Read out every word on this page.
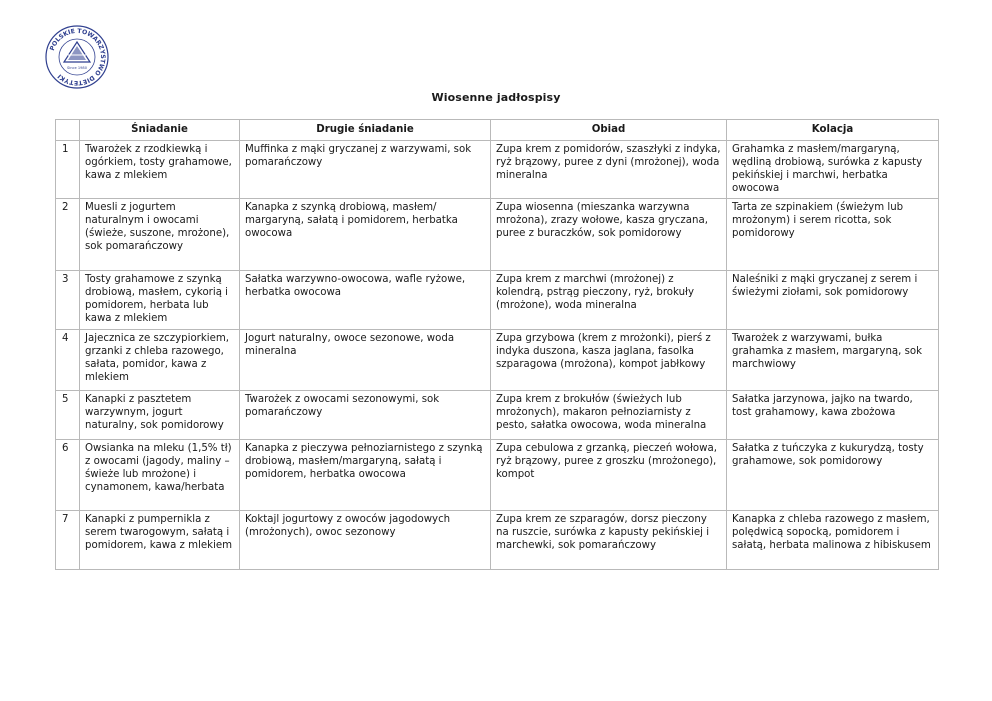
POLSKIE TOWARZYSTWO DIETETYKI
Since 1980
Wiosenne jadłospisy
	Śniadanie	Drugie śniadanie	Obiad	Kolacja
1	Twarożek z rzodkiewką i ogórkiem, tosty grahamowe, kawa z mlekiem	Muffinka z mąki gryczanej z warzywami, sok pomarańczowy	Zupa krem z pomidorów, szaszłyki z indyka, ryż brązowy, puree z dyni (mrożonej), woda mineralna	Grahamka z masłem/margaryną, wędliną drobiową, surówka z kapusty pekińskiej i marchwi, herbatka owocowa
2	Muesli z jogurtem naturalnym i owocami (świeże, suszone, mrożone), sok pomarańczowy	Kanapka z szynką drobiową, masłem/ margaryną, sałatą i pomidorem, herbatka owocowa	Zupa wiosenna (mieszanka warzywna mrożona), zrazy wołowe, kasza gryczana, puree z buraczków, sok pomidorowy	Tarta ze szpinakiem (świeżym lub mrożonym) i serem ricotta, sok pomidorowy
3	Tosty grahamowe z szynką drobiową, masłem, cykorią i pomidorem, herbata lub kawa z mlekiem	Sałatka warzywno-owocowa, wafle ryżowe, herbatka owocowa	Zupa krem z marchwi (mrożonej) z kolendrą, pstrąg pieczony, ryż, brokuły (mrożone), woda mineralna	Naleśniki z mąki gryczanej z serem i świeżymi ziołami, sok pomidorowy
4	Jajecznica ze szczypiorkiem, grzanki z chleba razowego, sałata, pomidor, kawa z mlekiem	Jogurt naturalny, owoce sezonowe, woda mineralna	Zupa grzybowa (krem z mrożonki), pierś z indyka duszona, kasza jaglana, fasolka szparagowa (mrożona), kompot jabłkowy	Twarożek z warzywami, bułka grahamka z masłem, margaryną, sok marchwiowy
5	Kanapki z pasztetem warzywnym, jogurt naturalny, sok pomidorowy	Twarożek z owocami sezonowymi, sok pomarańczowy	Zupa krem z brokułów (świeżych lub mrożonych), makaron pełnoziarnisty z pesto, sałatka owocowa, woda mineralna	Sałatka jarzynowa, jajko na twardo, tost grahamowy, kawa zbożowa
6	Owsianka na mleku (1,5% tł) z owocami (jagody, maliny – świeże lub mrożone) i cynamonem, kawa/herbata	Kanapka z pieczywa pełnoziarnistego z szynką drobiową, masłem/margaryną, sałatą i pomidorem, herbatka owocowa	Zupa cebulowa z grzanką, pieczeń wołowa, ryż brązowy, puree z groszku (mrożonego), kompot	Sałatka z tuńczyka z kukurydzą, tosty grahamowe, sok pomidorowy
7	Kanapki z pumpernikla z serem twarogowym, sałatą i pomidorem, kawa z mlekiem	Koktajl jogurtowy z owoców jagodowych (mrożonych), owoc sezonowy	Zupa krem ze szparagów, dorsz pieczony na ruszcie, surówka z kapusty pekińskiej i marchewki, sok pomarańczowy	Kanapka z chleba razowego z masłem, polędwicą sopocką, pomidorem i sałatą, herbata malinowa z hibiskusem
